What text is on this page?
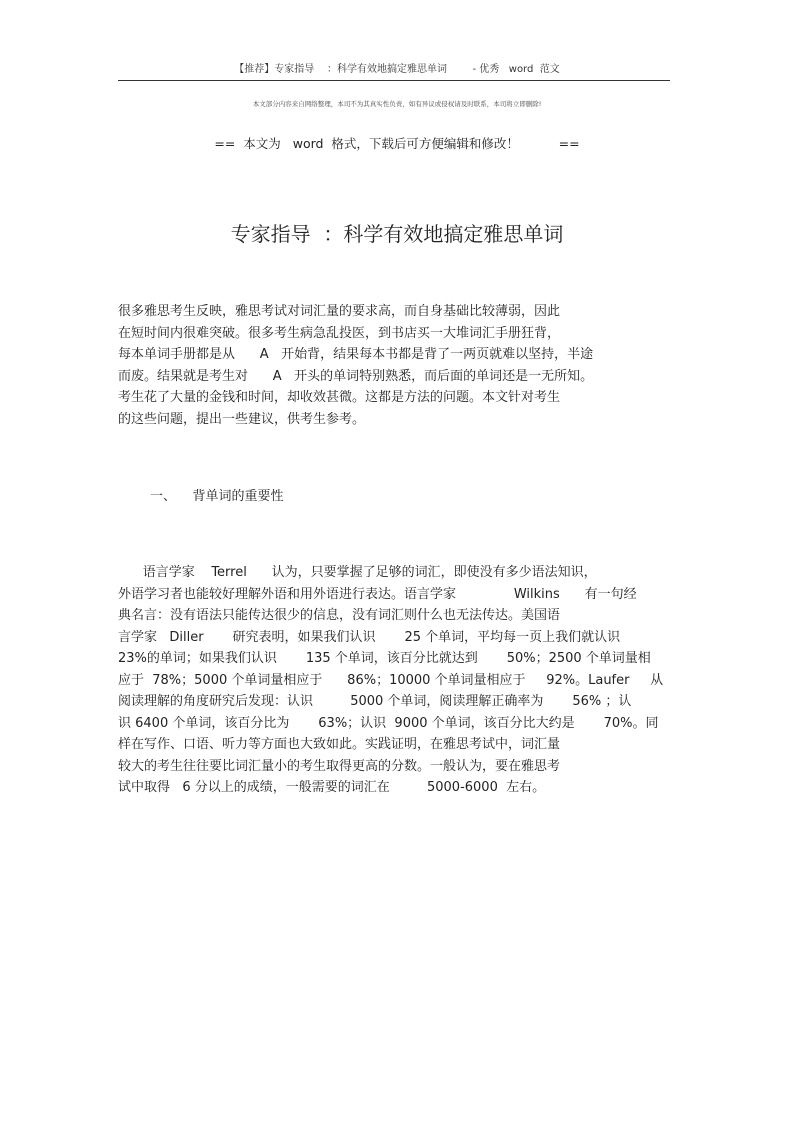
【推荐】专家指导    ：科学有效地搞定雅思单词        - 优秀   word  范文
本文部分内容来自网络整理，本司不为其真实性负责，如有异议或侵权请及时联系，本司将立即删除!
==  本文为   word  格式，下载后可方便编辑和修改！          ==
专家指导  ：科学有效地搞定雅思单词
很多雅思考生反映，雅思考试对词汇量的要求高，而自身基础比较薄弱，因此
在短时间内很难突破。很多考生病急乱投医，到书店买一大堆词汇手册狂背，
每本单词手册都是从      A   开始背，结果每本书都是背了一两页就难以坚持，半途
而废。结果就是考生对      A   开头的单词特别熟悉，而后面的单词还是一无所知。
考生花了大量的金钱和时间，却收效甚微。这都是方法的问题。本文针对考生
的这些问题，提出一些建议，供考生参考。
一、    背单词的重要性
语言学家    Terrel      认为，只要掌握了足够的词汇，即使没有多少语法知识，
外语学习者也能较好理解外语和用外语进行表达。语言学家              Wilkins      有一句经
典名言：没有语法只能传达很少的信息，没有词汇则什么也无法传达。美国语
言学家   Diller       研究表明，如果我们认识       25 个单词，平均每一页上我们就认识
23%的单词；如果我们认识       135 个单词，该百分比就达到       50%；2500 个单词量相
应于  78%；5000 个单词量相应于      86%；10000 个单词量相应于     92%。Laufer     从
阅读理解的角度研究后发现：认识         5000 个单词，阅读理解正确率为       56% ；认
识 6400 个单词，该百分比为       63%；认识  9000 个单词，该百分比大约是       70%。同
样在写作、口语、听力等方面也大致如此。实践证明，在雅思考试中，词汇量
较大的考生往往要比词汇量小的考生取得更高的分数。一般认为，要在雅思考
试中取得   6 分以上的成绩，一般需要的词汇在         5000-6000  左右。
